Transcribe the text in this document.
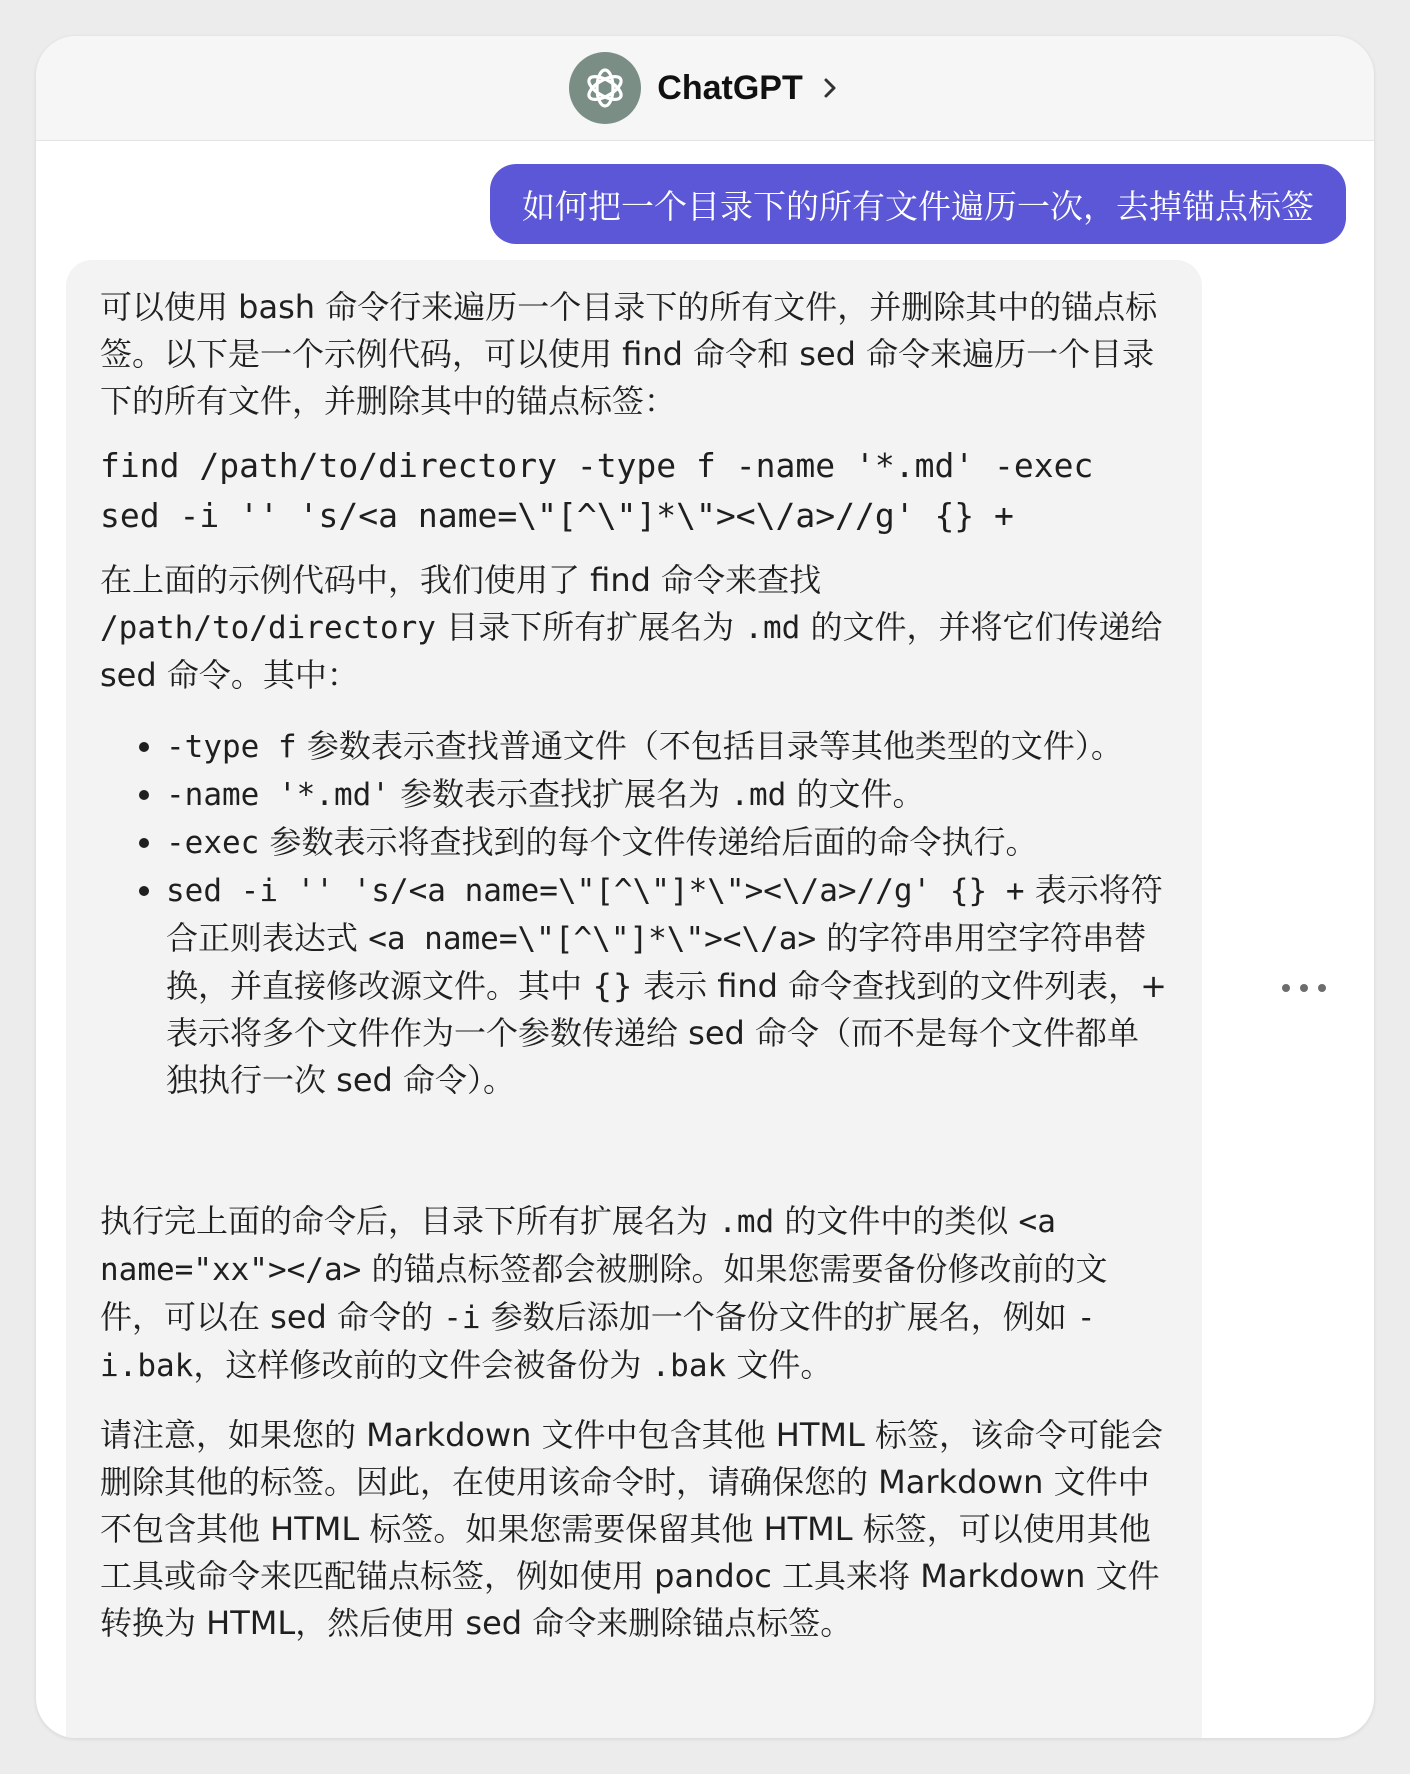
ChatGPT
如何把一个目录下的所有文件遍历一次，去掉锚点标签

可以使用 bash 命令行来遍历一个目录下的所有文件，并删除其中的锚点标签。以下是一个示例代码，可以使用 find 命令和 sed 命令来遍历一个目录下的所有文件，并删除其中的锚点标签：

find /path/to/directory -type f -name '*.md' -exec sed -i '' 's/<a name=\"[^\"]*\"><\/a>//g' {} +

在上面的示例代码中，我们使用了 find 命令来查找
/path/to/directory 目录下所有扩展名为 .md 的文件，并将它们传递给 sed 命令。其中：

• -type f 参数表示查找普通文件（不包括目录等其他类型的文件）。
• -name '*.md' 参数表示查找扩展名为 .md 的文件。
• -exec 参数表示将查找到的每个文件传递给后面的命令执行。
• sed -i '' 's/<a name=\"[^\"]*\"><\/a>//g' {} + 表示将符合正则表达式 <a name=\"[^\"]*\"><\/a> 的字符串用空字符串替换，并直接修改源文件。其中 {} 表示 find 命令查找到的文件列表，+ 表示将多个文件作为一个参数传递给 sed 命令（而不是每个文件都单独执行一次 sed 命令）。

执行完上面的命令后，目录下所有扩展名为 .md 的文件中的类似 <a name="xx"></a> 的锚点标签都会被删除。如果您需要备份修改前的文件，可以在 sed 命令的 -i 参数后添加一个备份文件的扩展名，例如 -i.bak，这样修改前的文件会被备份为 .bak 文件。

请注意，如果您的 Markdown 文件中包含其他 HTML 标签，该命令可能会删除其他的标签。因此，在使用该命令时，请确保您的 Markdown 文件中不包含其他 HTML 标签。如果您需要保留其他 HTML 标签，可以使用其他工具或命令来匹配锚点标签，例如使用 pandoc 工具来将 Markdown 文件转换为 HTML，然后使用 sed 命令来删除锚点标签。
